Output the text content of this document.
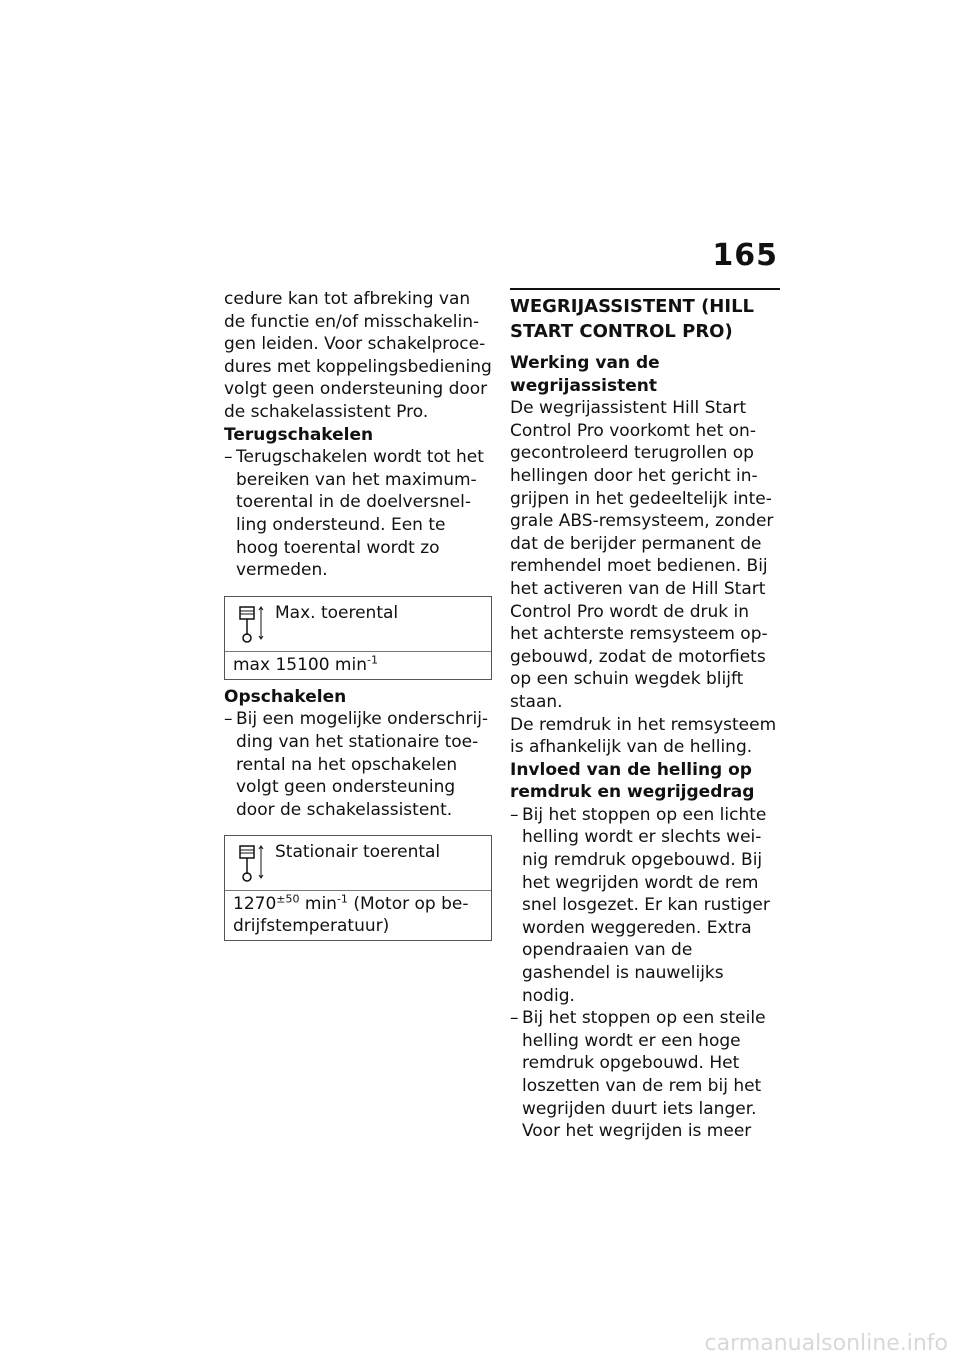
165

cedure kan tot afbreking van de functie en/of misschakelingen leiden. Voor schakelprocedures met koppelingsbediening volgt geen ondersteuning door de schakelassistent Pro.

Terugschakelen

– Terugschakelen wordt tot het bereiken van het maximumtoerental in de doelversnelling ondersteund. Een te hoog toerental wordt zo vermeden.
Max. toerental
max 15100 $\min^{-1}$

Opschakelen

– Bij een mogelijke onderschrijding van het stationaire toerental na het opschakelen volgt geen ondersteuning door de schakelassistent.
Stationair toerental
$1270^{\pm 50}$ $\min^{-1}$ (Motor op bedrijfstemperatuur)

WEGRIJASSISTENT (HILL START CONTROL PRO)

Werking van de wegrijassistent

De wegrijassistent Hill Start Control Pro voorkomt het ongecontroleerd terugrollen op hellingen door het gericht ingrijpen in het gedeeltelijk integrale ABS-remsysteem, zonder dat de berijder permanent de remhendel moet bedienen. Bij het activeren van de Hill Start Control Pro wordt de druk in het achterste remsysteem opgebouwd, zodat de motorfiets op een schuin wegdek blijft staan.

De remdruk in het remsysteem is afhankelijk van de helling.

Invloed van de helling op remdruk en wegrijgedrag

– Bij het stoppen op een lichte helling wordt er slechts weinig remdruk opgebouwd. Bij het wegrijden wordt de rem snel losgezet. Er kan rustiger worden weggereden. Extra opendraaien van de gashendel is nauwelijks nodig.
– Bij het stoppen op een steile helling wordt er een hoge remdruk opgebouwd. Het loszetten van de rem bij het wegrijden duurt iets langer. Voor het wegrijden is meer
carmanualsonline.info
